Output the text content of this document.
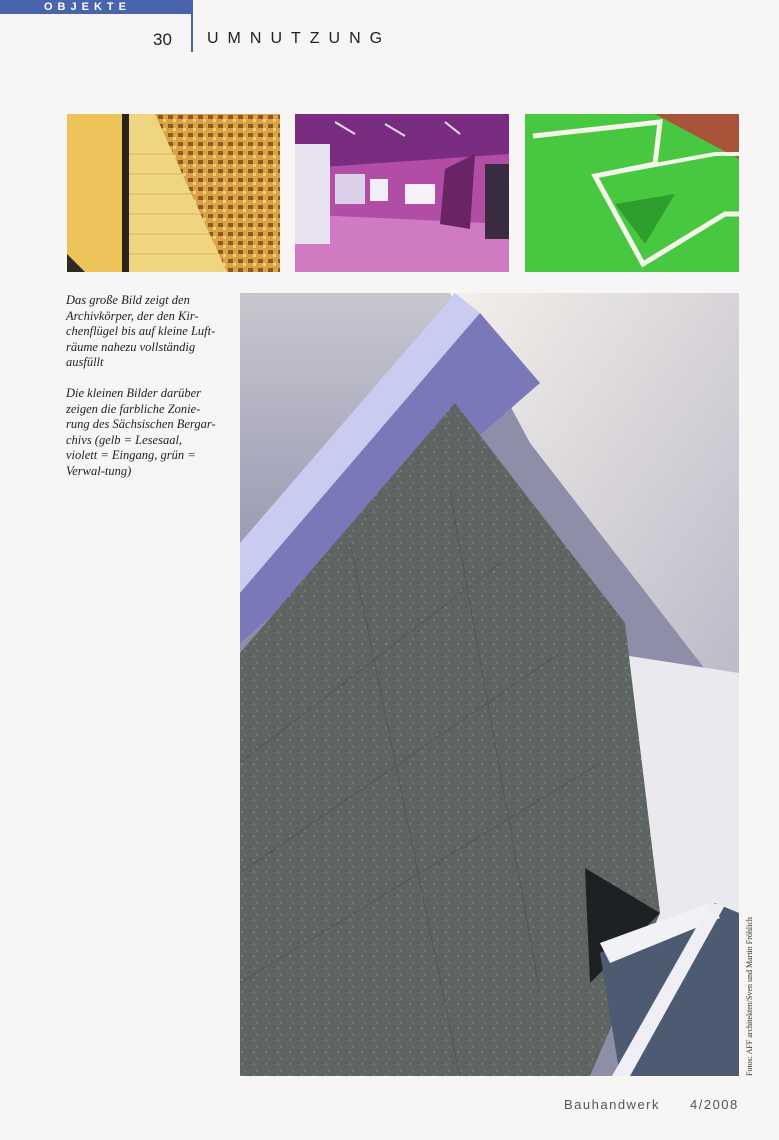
OBJEKTE
30 UMNUTZUNG

Das große Bild zeigt den Archivkörper, der den Kir-chenflügel bis auf kleine Luft-räume nahezu vollständig ausfüllt

Die kleinen Bilder darüber zeigen die farbliche Zonie-rung des Sächsischen Bergar-chivs (gelb = Lesesaal, violett = Eingang, grün = Verwal-tung)

Fotos: AFF architekten/Sven und Martin Fröhlich
Bauhandwerk 4/2008
